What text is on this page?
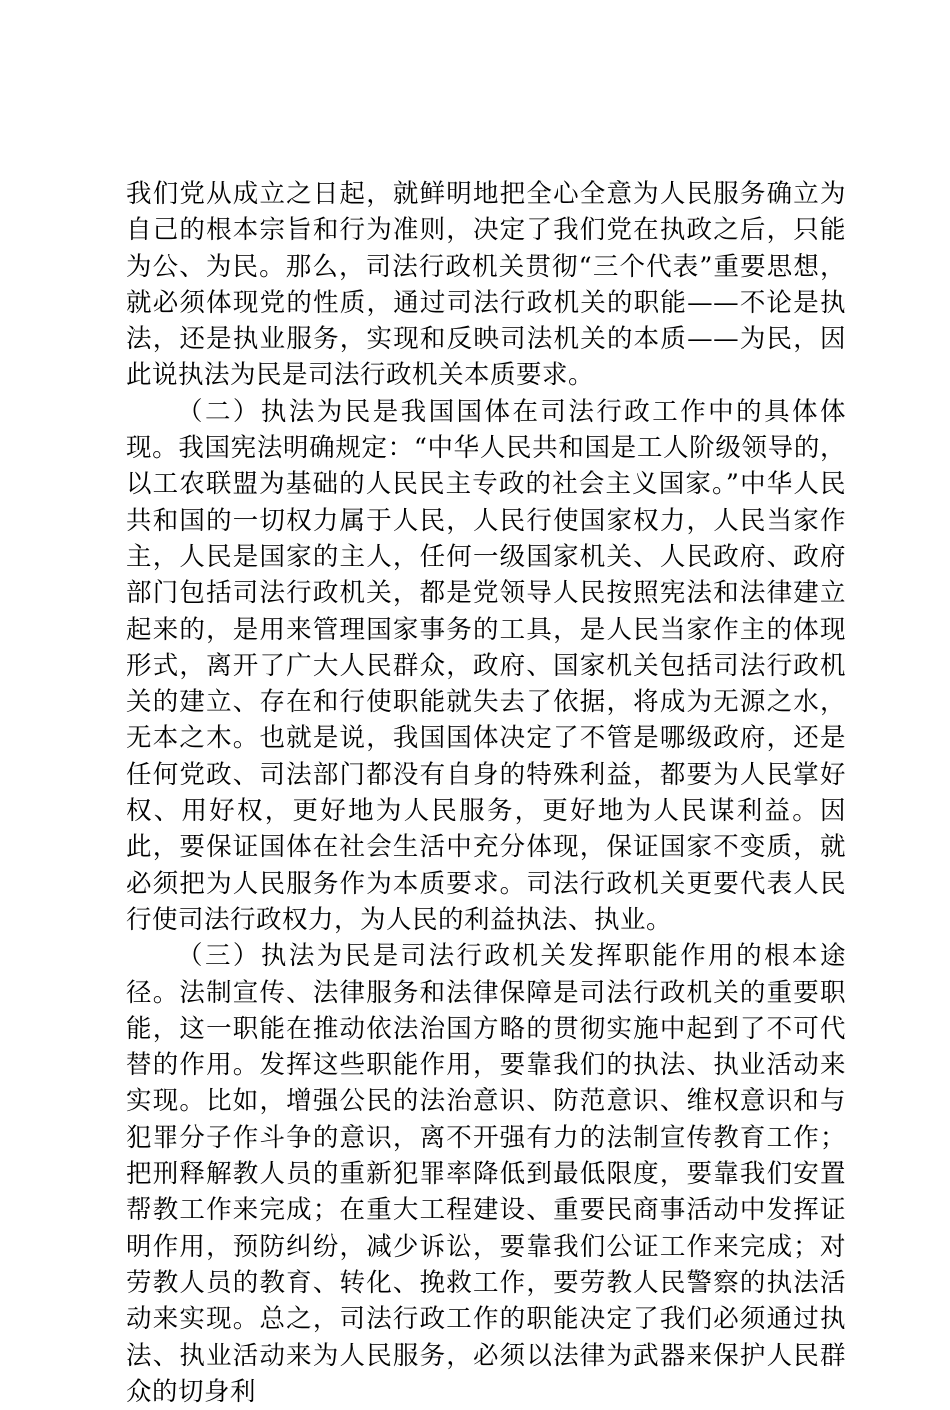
我们党从成立之日起，就鲜明地把全心全意为人民服务确立为自己的根本宗旨和行为准则，决定了我们党在执政之后，只能为公、为民。那么，司法行政机关贯彻“三个代表”重要思想，就必须体现党的性质，通过司法行政机关的职能——不论是执法，还是执业服务，实现和反映司法机关的本质——为民，因此说执法为民是司法行政机关本质要求。

（二）执法为民是我国国体在司法行政工作中的具体体现。我国宪法明确规定：“中华人民共和国是工人阶级领导的，以工农联盟为基础的人民民主专政的社会主义国家。”中华人民共和国的一切权力属于人民，人民行使国家权力，人民当家作主，人民是国家的主人，任何一级国家机关、人民政府、政府部门包括司法行政机关，都是党领导人民按照宪法和法律建立起来的，是用来管理国家事务的工具，是人民当家作主的体现形式，离开了广大人民群众，政府、国家机关包括司法行政机关的建立、存在和行使职能就失去了依据，将成为无源之水，无本之木。也就是说，我国国体决定了不管是哪级政府，还是任何党政、司法部门都没有自身的特殊利益，都要为人民掌好权、用好权，更好地为人民服务，更好地为人民谋利益。因此，要保证国体在社会生活中充分体现，保证国家不变质，就必须把为人民服务作为本质要求。司法行政机关更要代表人民行使司法行政权力，为人民的利益执法、执业。

（三）执法为民是司法行政机关发挥职能作用的根本途径。法制宣传、法律服务和法律保障是司法行政机关的重要职能，这一职能在推动依法治国方略的贯彻实施中起到了不可代替的作用。发挥这些职能作用，要靠我们的执法、执业活动来实现。比如，增强公民的法治意识、防范意识、维权意识和与犯罪分子作斗争的意识，离不开强有力的法制宣传教育工作；把刑释解教人员的重新犯罪率降低到最低限度，要靠我们安置帮教工作来完成；在重大工程建设、重要民商事活动中发挥证明作用，预防纠纷，减少诉讼，要靠我们公证工作来完成；对劳教人员的教育、转化、挽救工作，要劳教人民警察的执法活动来实现。总之，司法行政工作的职能决定了我们必须通过执法、执业活动来为人民服务，必须以法律为武器来保护人民群众的切身利
